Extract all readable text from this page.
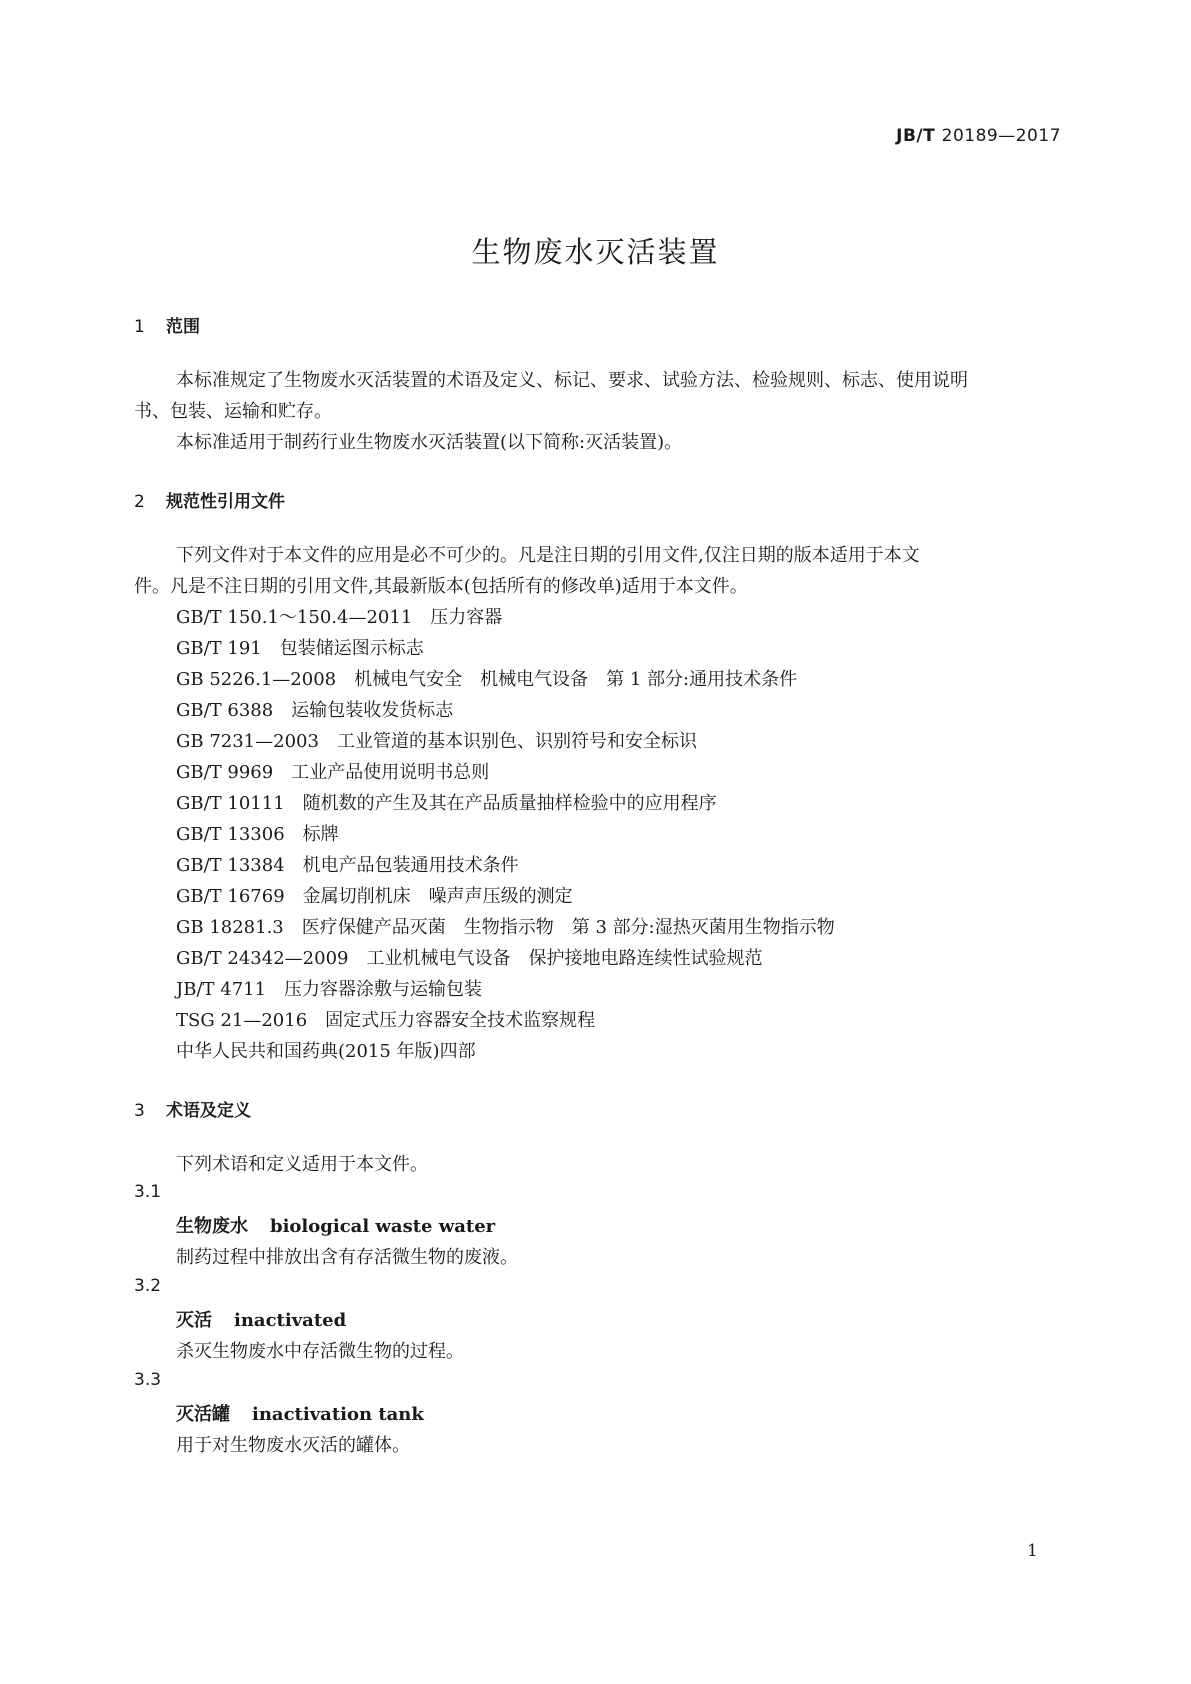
JB/T 20189—2017
生物废水灭活装置
1 范围
本标准规定了生物废水灭活装置的术语及定义、标记、要求、试验方法、检验规则、标志、使用说明
书、包装、运输和贮存。
本标准适用于制药行业生物废水灭活装置(以下简称:灭活装置)。
2 规范性引用文件
下列文件对于本文件的应用是必不可少的。凡是注日期的引用文件,仅注日期的版本适用于本文
件。凡是不注日期的引用文件,其最新版本(包括所有的修改单)适用于本文件。
GB/T 150.1～150.4—2011　压力容器
GB/T 191　包装储运图示标志
GB 5226.1—2008　机械电气安全　机械电气设备　第 1 部分:通用技术条件
GB/T 6388　运输包装收发货标志
GB 7231—2003　工业管道的基本识别色、识别符号和安全标识
GB/T 9969　工业产品使用说明书总则
GB/T 10111　随机数的产生及其在产品质量抽样检验中的应用程序
GB/T 13306　标牌
GB/T 13384　机电产品包装通用技术条件
GB/T 16769　金属切削机床　噪声声压级的测定
GB 18281.3　医疗保健产品灭菌　生物指示物　第 3 部分:湿热灭菌用生物指示物
GB/T 24342—2009　工业机械电气设备　保护接地电路连续性试验规范
JB/T 4711　压力容器涂敷与运输包装
TSG 21—2016　固定式压力容器安全技术监察规程
中华人民共和国药典(2015 年版)四部
3 术语及定义
下列术语和定义适用于本文件。
3.1
生物废水 biological waste water
制药过程中排放出含有存活微生物的废液。
3.2
灭活 inactivated
杀灭生物废水中存活微生物的过程。
3.3
灭活罐 inactivation tank
用于对生物废水灭活的罐体。
1
